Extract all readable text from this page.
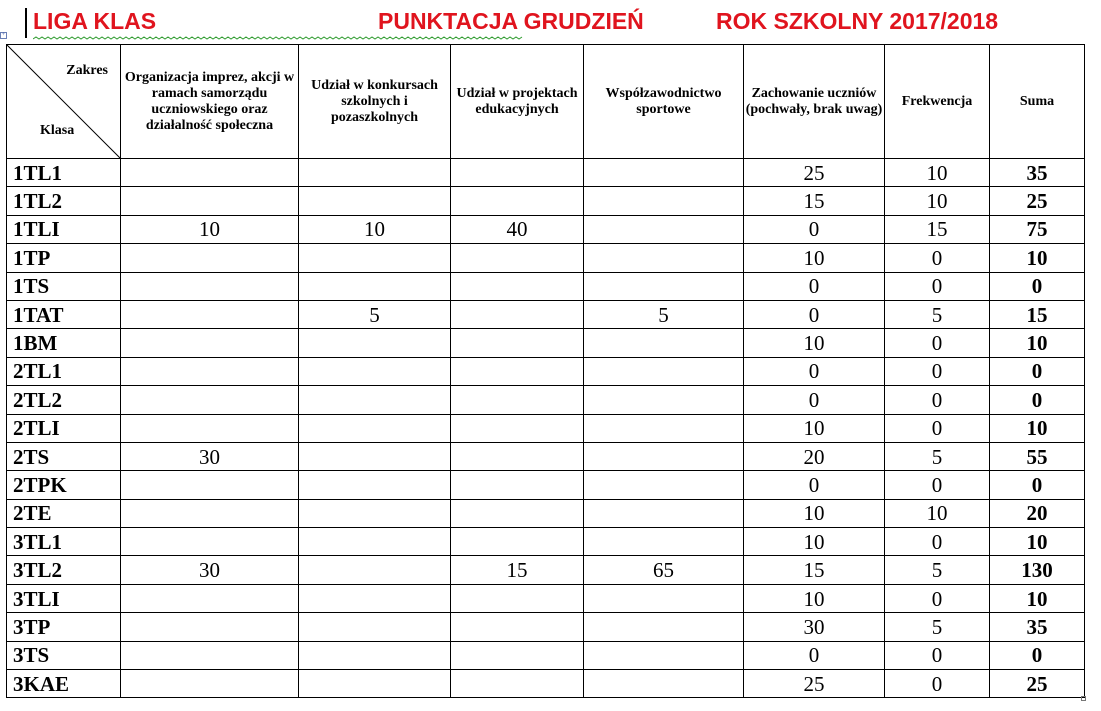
LIGA KLAS	PUNKTACJA GRUDZIEŃ	ROK SZKOLNY 2017/2018
+
Zakres
Klasa	Organizacja imprez, akcji w ramach samorządu uczniowskiego oraz działalność społeczna	Udział w konkursach szkolnych i pozaszkolnych	Udział w projektach edukacyjnych	Współzawodnictwo sportowe	Zachowanie uczniów (pochwały, brak uwag)	Frekwencja	Suma
1TL1					25	10	35
1TL2					15	10	25
1TLI	10	10	40		0	15	75
1TP					10	0	10
1TS					0	0	0
1TAT		5		5	0	5	15
1BM					10	0	10
2TL1					0	0	0
2TL2					0	0	0
2TLI					10	0	10
2TS	30				20	5	55
2TPK					0	0	0
2TE					10	10	20
3TL1					10	0	10
3TL2	30		15	65	15	5	130
3TLI					10	0	10
3TP					30	5	35
3TS					0	0	0
3KAE					25	0	25
